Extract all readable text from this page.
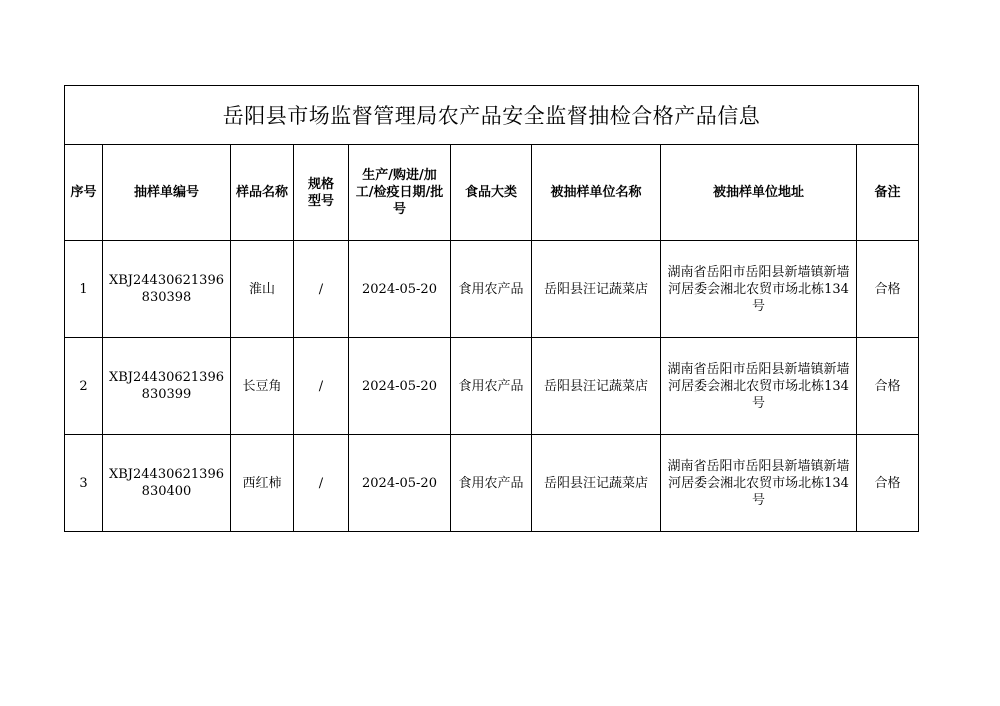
岳阳县市场监督管理局农产品安全监督抽检合格产品信息								
序号	抽样单编号	样品名称	规格型号	生产/购进/加工/检疫日期/批号	食品大类	被抽样单位名称	被抽样单位地址	备注
1	XBJ24430621396830398	淮山	/	2024-05-20	食用农产品	岳阳县汪记蔬菜店	湖南省岳阳市岳阳县新墙镇新墙河居委会湘北农贸市场北栋134号	合格
2	XBJ24430621396830399	长豆角	/	2024-05-20	食用农产品	岳阳县汪记蔬菜店	湖南省岳阳市岳阳县新墙镇新墙河居委会湘北农贸市场北栋134号	合格
3	XBJ24430621396830400	西红柿	/	2024-05-20	食用农产品	岳阳县汪记蔬菜店	湖南省岳阳市岳阳县新墙镇新墙河居委会湘北农贸市场北栋134号	合格
